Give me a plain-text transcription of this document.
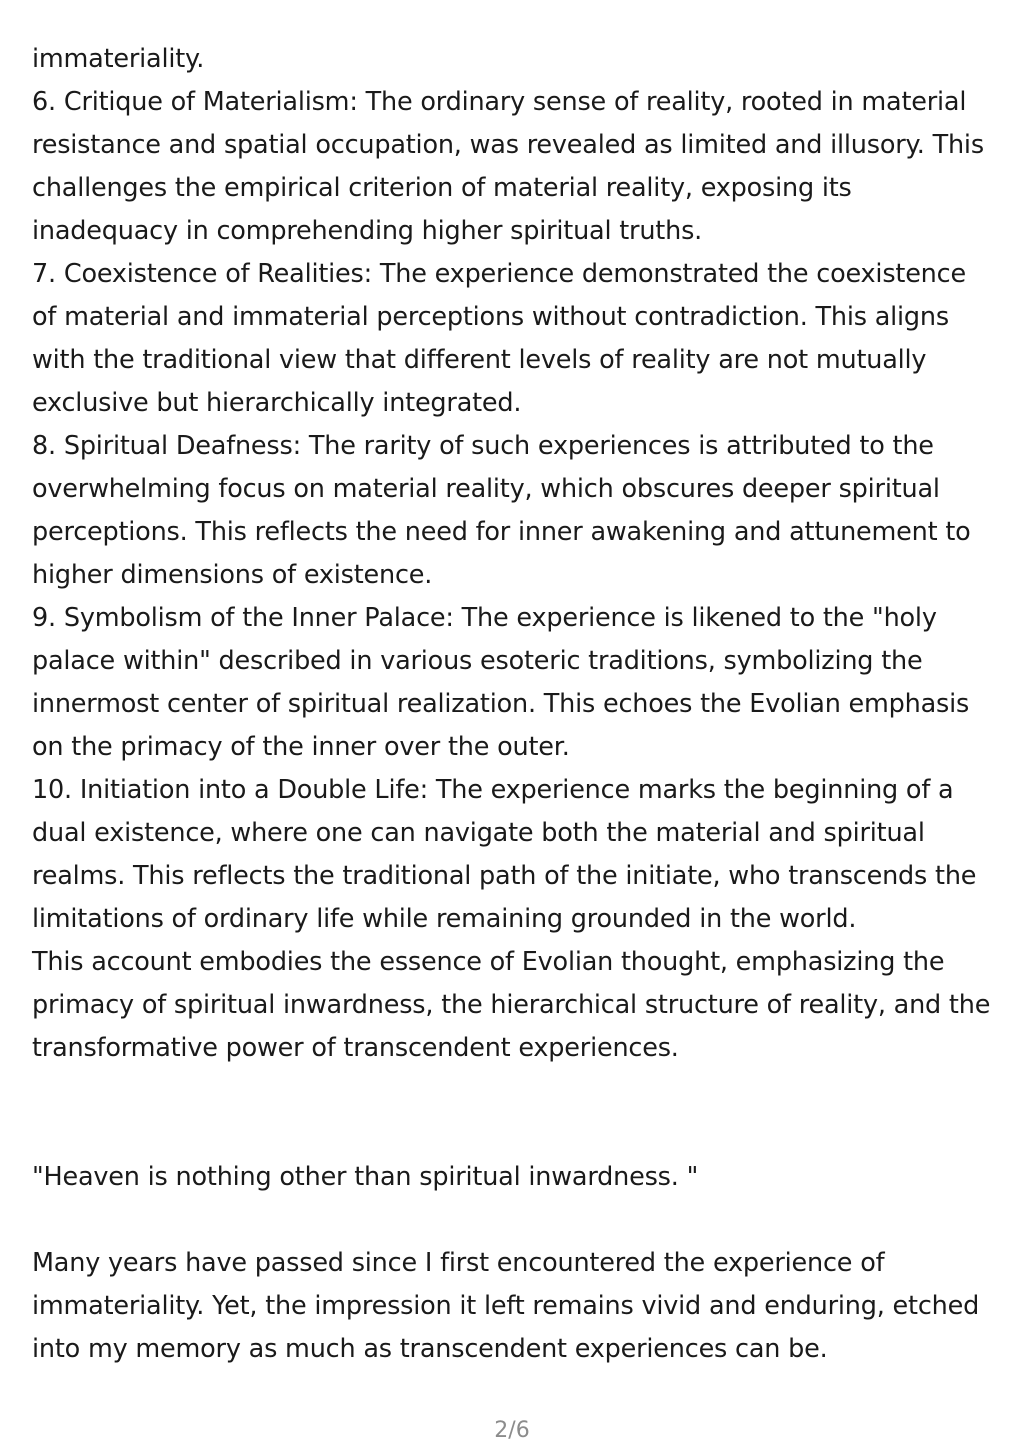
immateriality.

6. Critique of Materialism: The ordinary sense of reality, rooted in material resistance and spatial occupation, was revealed as limited and illusory. This challenges the empirical criterion of material reality, exposing its inadequacy in comprehending higher spiritual truths.

7. Coexistence of Realities: The experience demonstrated the coexistence of material and immaterial perceptions without contradiction. This aligns with the traditional view that different levels of reality are not mutually exclusive but hierarchically integrated.

8. Spiritual Deafness: The rarity of such experiences is attributed to the overwhelming focus on material reality, which obscures deeper spiritual perceptions. This reflects the need for inner awakening and attunement to higher dimensions of existence.

9. Symbolism of the Inner Palace: The experience is likened to the "holy palace within" described in various esoteric traditions, symbolizing the innermost center of spiritual realization. This echoes the Evolian emphasis on the primacy of the inner over the outer.

10. Initiation into a Double Life: The experience marks the beginning of a dual existence, where one can navigate both the material and spiritual realms. This reflects the traditional path of the initiate, who transcends the limitations of ordinary life while remaining grounded in the world.

This account embodies the essence of Evolian thought, emphasizing the primacy of spiritual inwardness, the hierarchical structure of reality, and the transformative power of transcendent experiences.

"Heaven is nothing other than spiritual inwardness. "

Many years have passed since I first encountered the experience of immateriality. Yet, the impression it left remains vivid and enduring, etched into my memory as much as transcendent experiences can be.

2/6
